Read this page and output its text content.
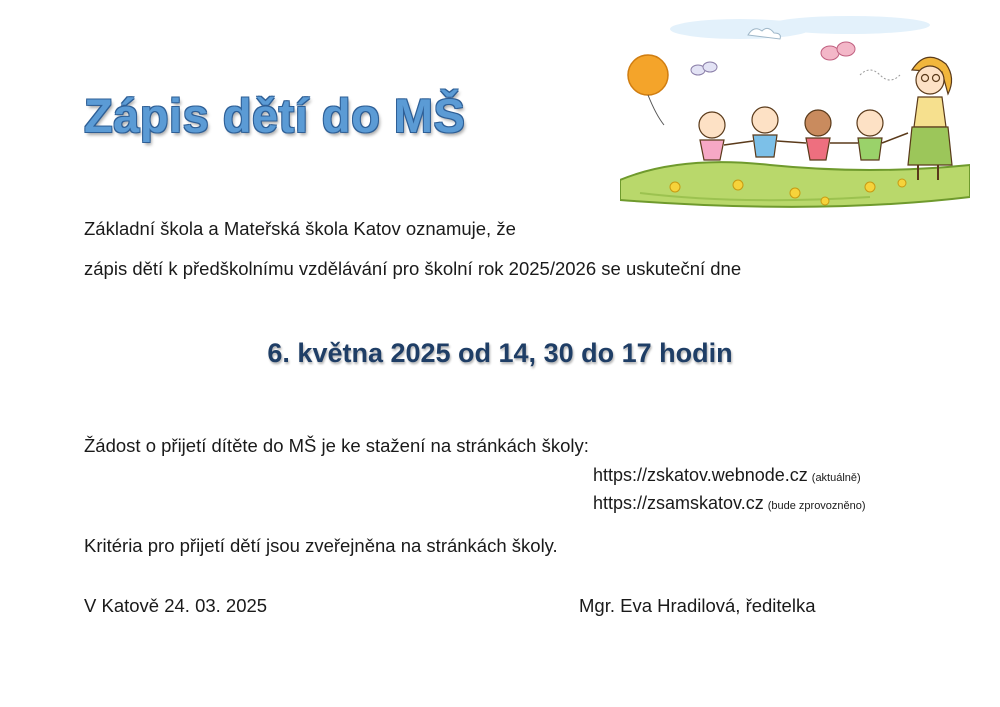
Zápis dětí do MŠ
Základní škola a Mateřská škola Katov oznamuje, že
zápis dětí k předškolnímu vzdělávání pro školní rok 2025/2026 se uskuteční dne
6. května 2025 od 14, 30 do 17 hodin
Žádost o přijetí dítěte do MŠ je ke stažení na stránkách školy:
https://zskatov.webnode.cz (aktuálně)
https://zsamskatov.cz (bude zprovozněno)
Kritéria pro přijetí dětí jsou zveřejněna na stránkách školy.
V Katově 24. 03. 2025	Mgr. Eva Hradilová, ředitelka
